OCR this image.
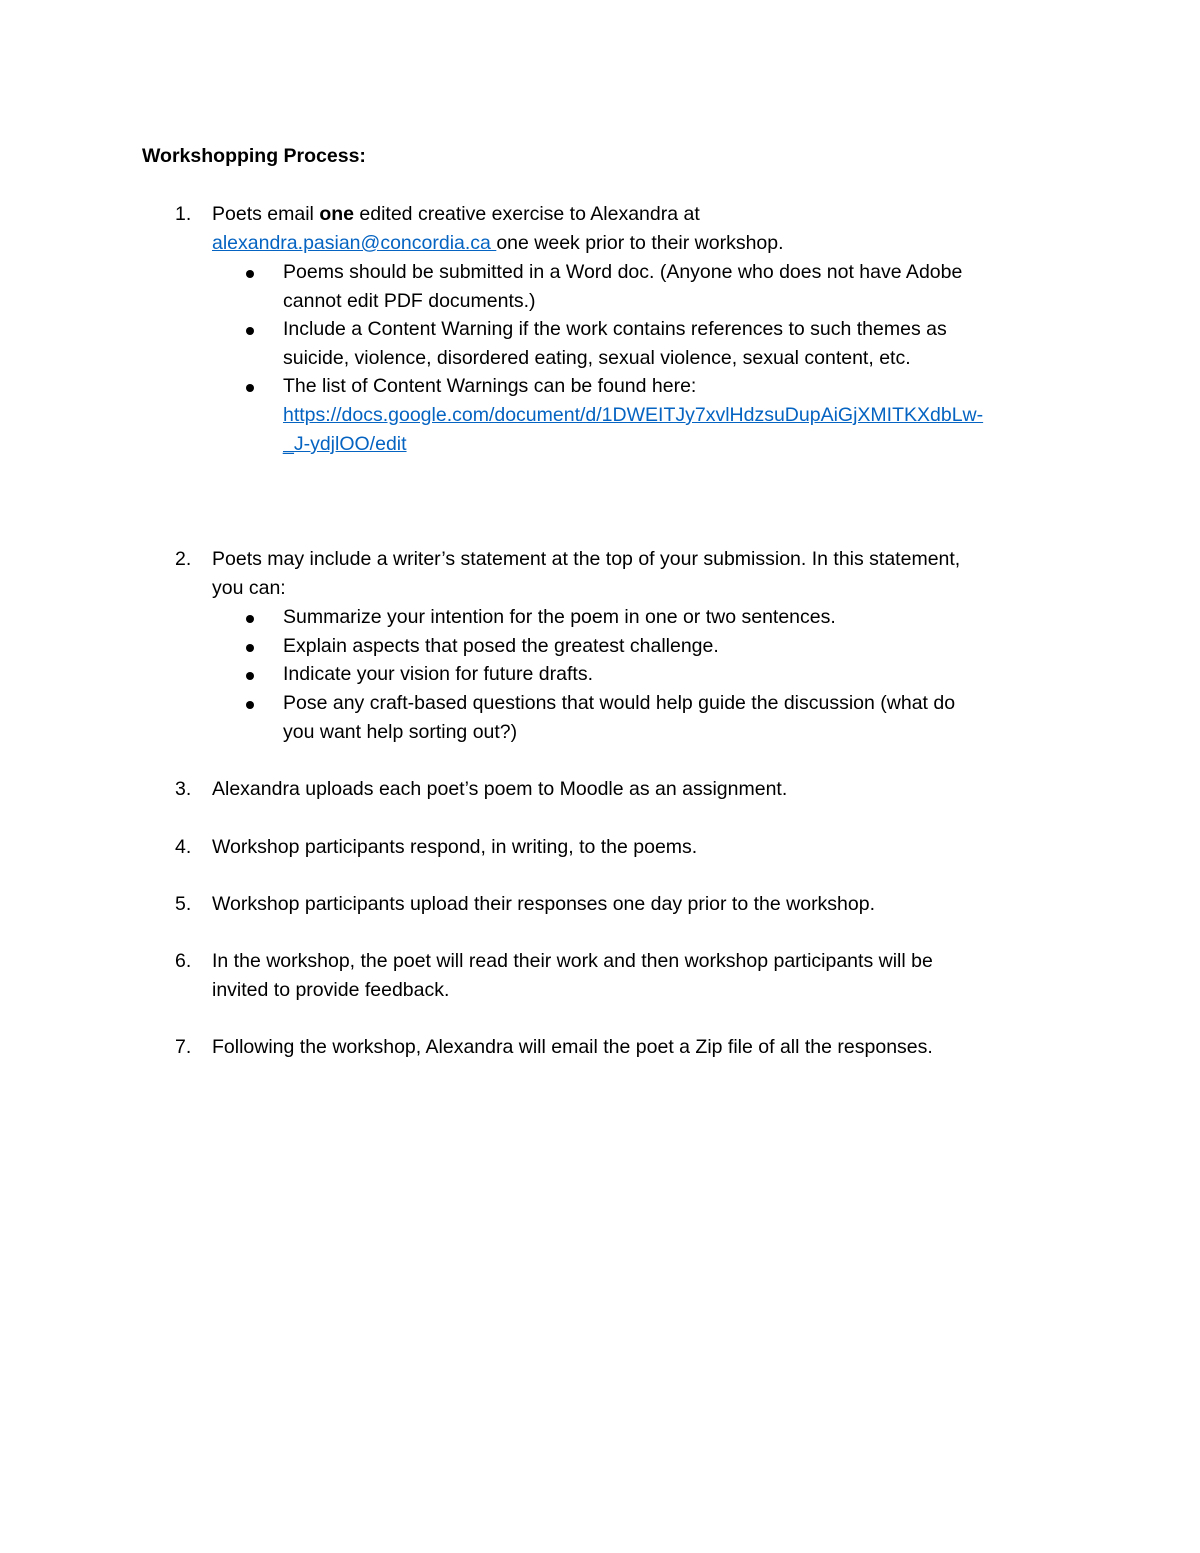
Workshopping Process:
1.	Poets email one edited creative exercise to Alexandra at
alexandra.pasian@concordia.ca one week prior to their workshop.
Poems should be submitted in a Word doc. (Anyone who does not have Adobe
cannot edit PDF documents.)
Include a Content Warning if the work contains references to such themes as
suicide, violence, disordered eating, sexual violence, sexual content, etc.
The list of Content Warnings can be found here:
https://docs.google.com/document/d/1DWEITJy7xvlHdzsuDupAiGjXMITKXdbLw-
_J-ydjlOO/edit
2.	Poets may include a writer’s statement at the top of your submission. In this statement,
you can:
Summarize your intention for the poem in one or two sentences.
Explain aspects that posed the greatest challenge.
Indicate your vision for future drafts.
Pose any craft-based questions that would help guide the discussion (what do
you want help sorting out?)
3.	Alexandra uploads each poet’s poem to Moodle as an assignment.
4.	Workshop participants respond, in writing, to the poems.
5.	Workshop participants upload their responses one day prior to the workshop.
6.	In the workshop, the poet will read their work and then workshop participants will be
invited to provide feedback.
7.	Following the workshop, Alexandra will email the poet a Zip file of all the responses.
